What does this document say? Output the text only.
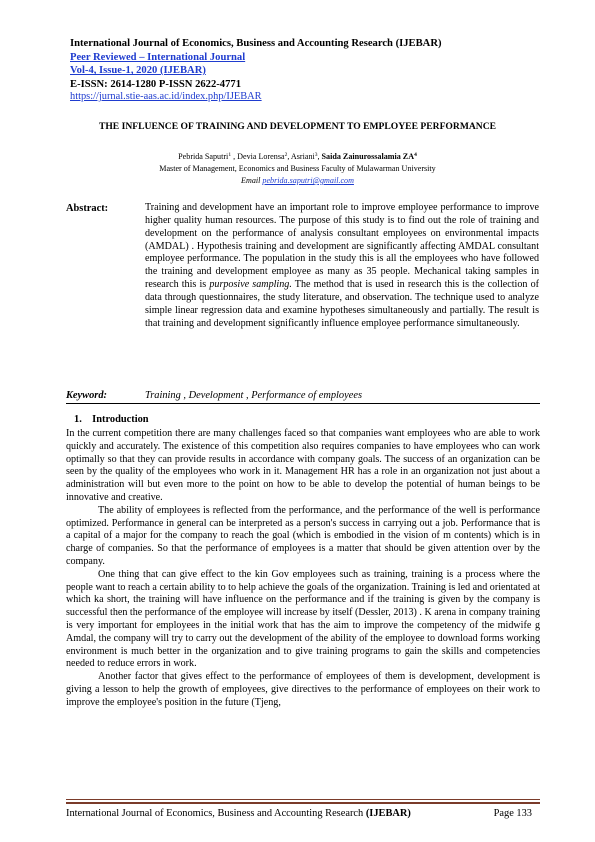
International Journal of Economics, Business and Accounting Research (IJEBAR)
Peer Reviewed – International Journal
Vol-4, Issue-1, 2020 (IJEBAR)
E-ISSN: 2614-1280 P-ISSN 2622-4771
https://jurnal.stie-aas.ac.id/index.php/IJEBAR
THE INFLUENCE OF TRAINING AND DEVELOPMENT TO EMPLOYEE PERFORMANCE
Pebrida Saputri$^1$ , Devia Lorensa$^2$, Asriani$^3$, Saida Zainurossalamia $ZA^4$
Master of Management, Economics and Business Faculty of Mulawarman University
Email pebrida.saputri@gmail.com
Abstract:	Training and development have an important role to improve employee performance to improve higher quality human resources. The purpose of this study is to find out the role of training and development on the performance of analysis consultant employees on environmental impacts (AMDAL) . Hypothesis training and development are significantly affecting AMDAL consultant employee performance. The population in the study this is all the employees who have followed the training and development employee as many as 35 people. Mechanical taking samples in research this is purposive sampling. The method that is used in research this is the collection of data through questionnaires, the study literature, and observation. The technique used to analyze simple linear regression data and examine hypotheses simultaneously and partially. The result is that training and development significantly influence employee performance simultaneously.
Keyword:	Training , Development , Performance of employees
1.    Introduction

In the current competition there are many challenges faced so that companies want employees who are able to work quickly and accurately. The existence of this competition also requires companies to have employees who can work optimally so that they can provide results in accordance with company goals. The success of an organization can be seen by the quality of the employees who work in it. Management HR has a role in an organization not just about a administration will but even more to the point on how to be able to develop the potential of human beings to be innovative and creative.

The ability of employees is reflected from the performance, and the performance of the well is performance optimized. Performance in general can be interpreted as a person's success in carrying out a job. Performance that is a capital of a major for the company to reach the goal (which is embodied in the vision of m contents) which is in charge of companies. So that the performance of employees is a matter that should be given attention over by the company.

One thing that can give effect to the kin Gov employees such as training, training is a process where the people want to reach a certain ability to to help achieve the goals of the organization. Training is led and orientated at which ka short, the training will have influence on the performance and if the training is given by the company is successful then the performance of the employee will increase by itself (Dessler, 2013) . K arena in company training is very important for employees in the initial work that has the aim to improve the competency of the midwife g Amdal, the company will try to carry out the development of the ability of the employee to download forms working environment is much better in the organization and to give training programs to gain the skills and competencies needed to reduce errors in work.

Another factor that gives effect to the performance of employees of them is development, development is giving a lesson to help the growth of employees, give directives to the performance of employees on their work to improve the employee's position in the future (Tjeng,

International Journal of Economics, Business and Accounting Research (IJEBAR)	Page 133
